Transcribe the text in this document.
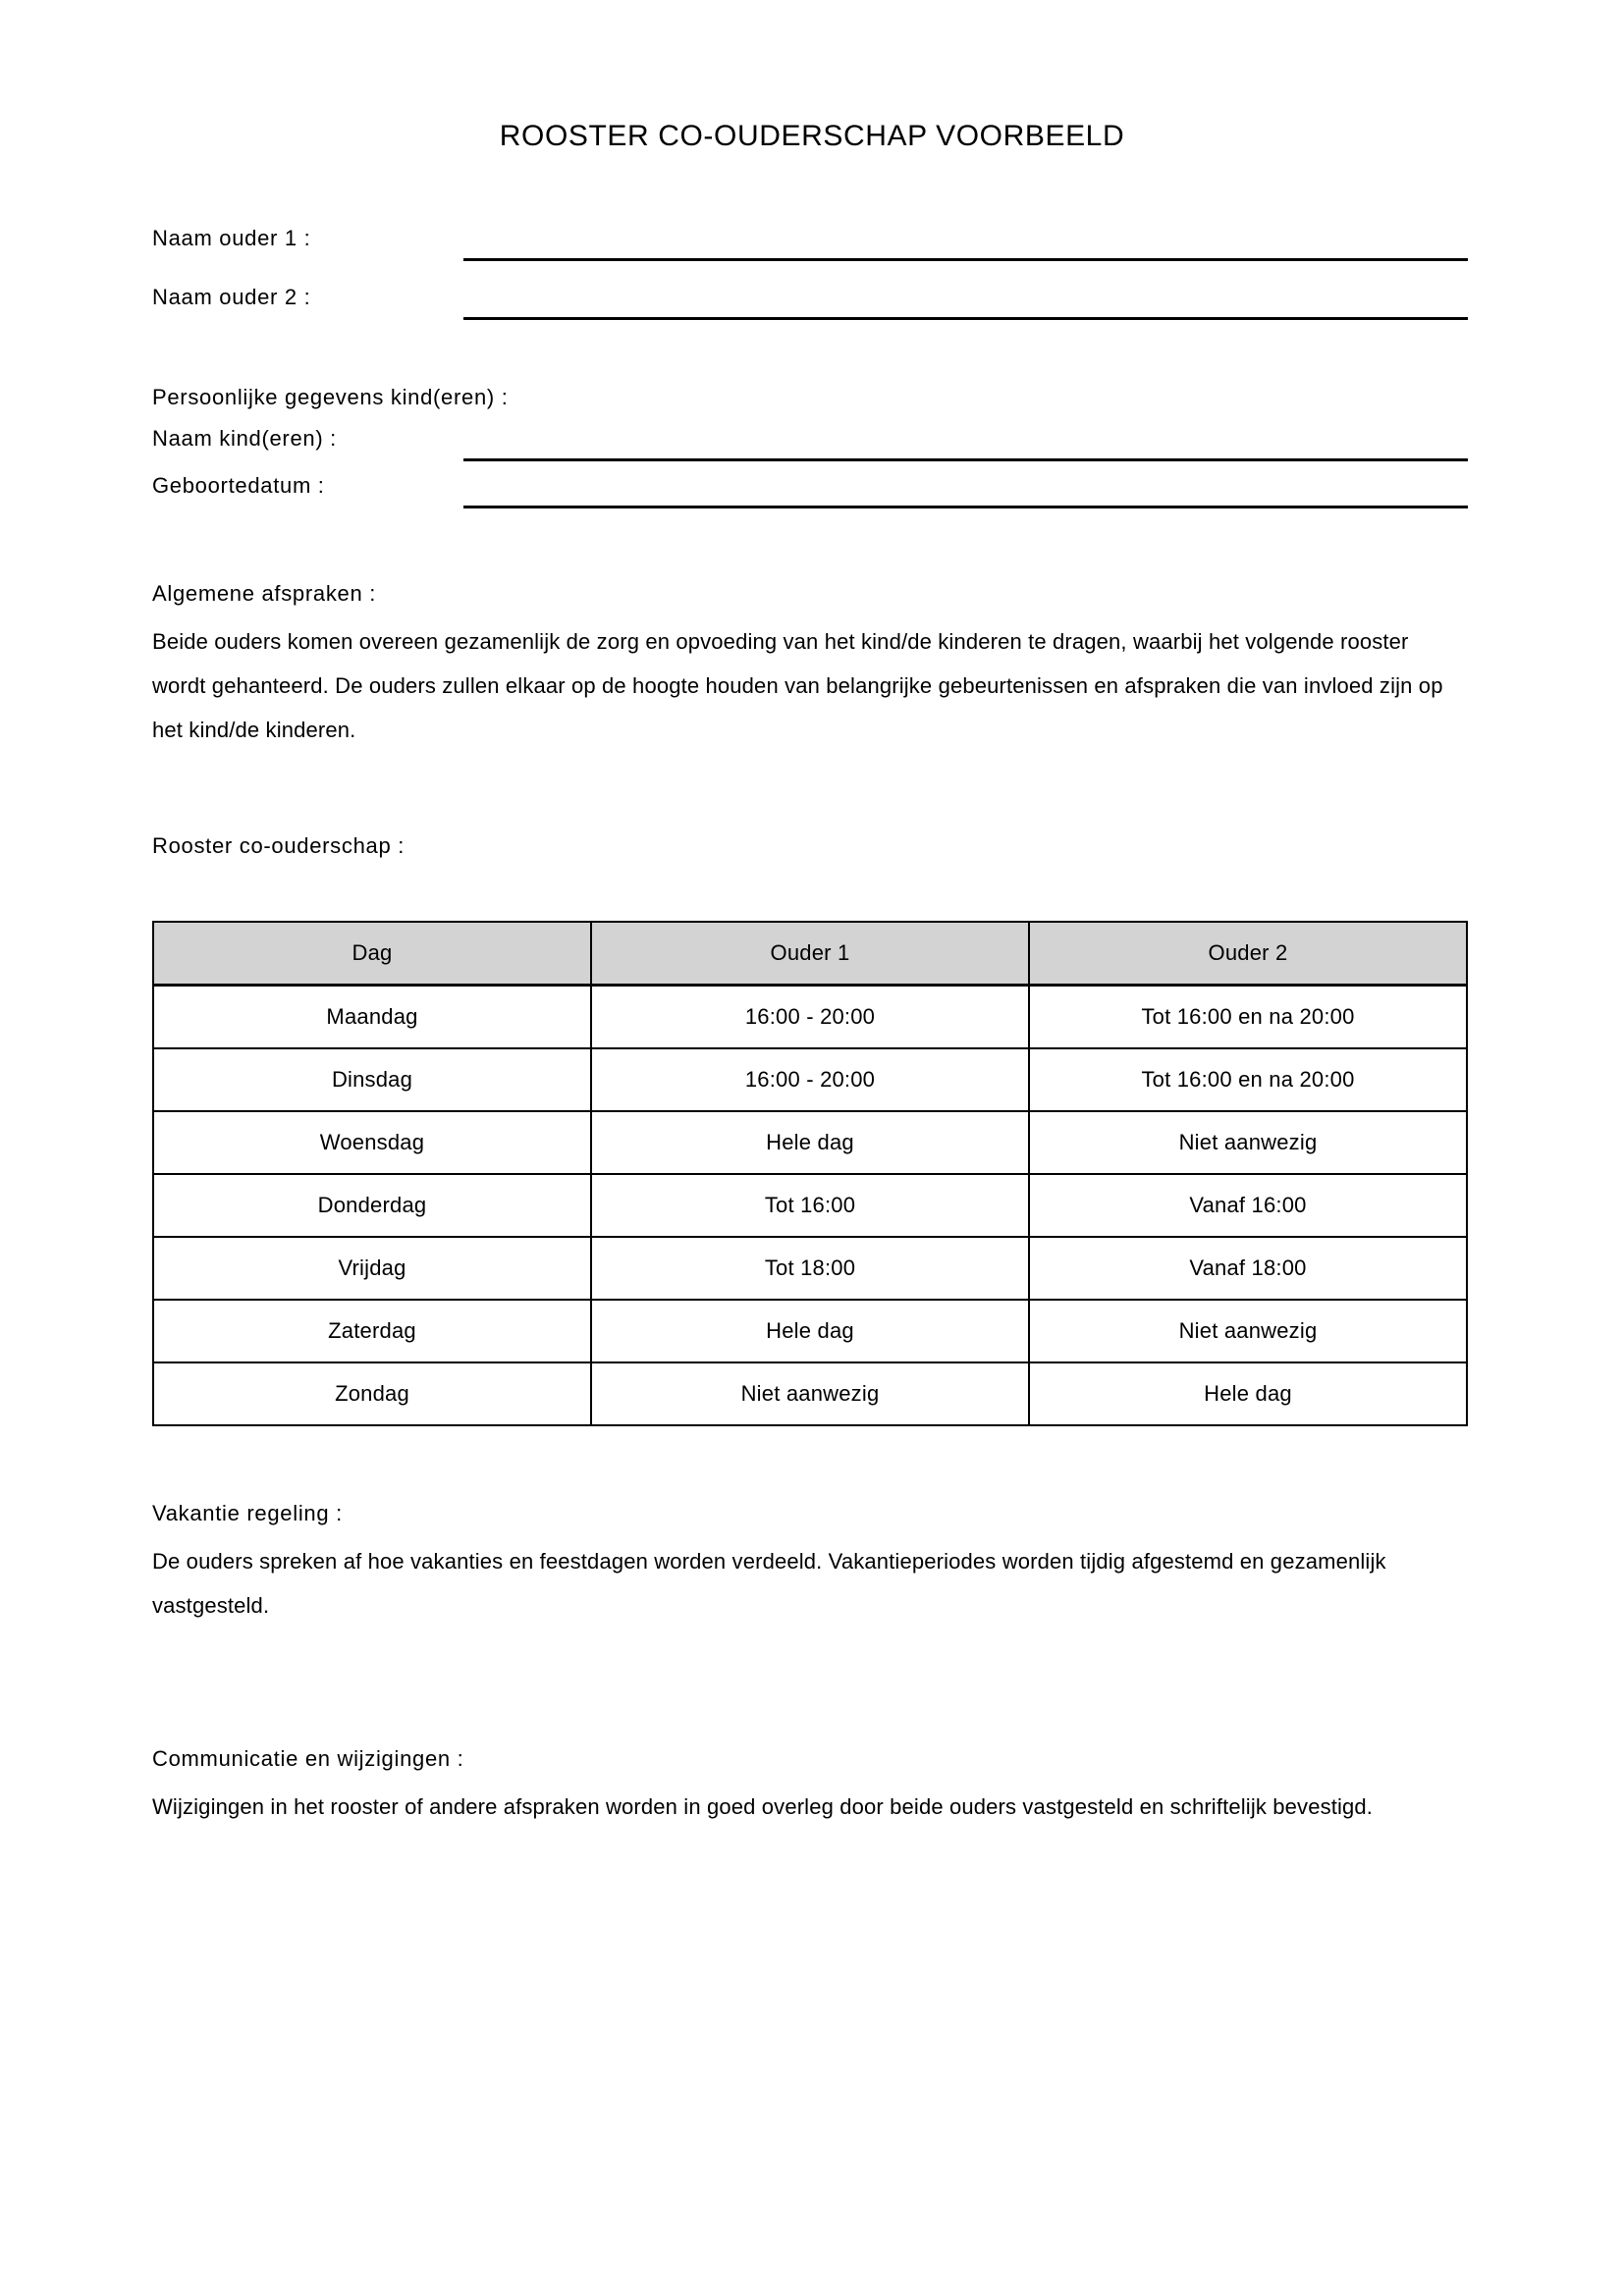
ROOSTER CO-OUDERSCHAP VOORBEELD
Naam ouder 1 :
Naam ouder 2 :
Persoonlijke gegevens kind(eren) :
Naam kind(eren) :
Geboortedatum :
Algemene afspraken :
Beide ouders komen overeen gezamenlijk de zorg en opvoeding van het kind/de kinderen te dragen, waarbij het volgende rooster wordt gehanteerd. De ouders zullen elkaar op de hoogte houden van belangrijke gebeurtenissen en afspraken die van invloed zijn op het kind/de kinderen.
Rooster co-ouderschap :
Dag	Ouder 1	Ouder 2
Maandag	16:00 - 20:00	Tot 16:00 en na 20:00
Dinsdag	16:00 - 20:00	Tot 16:00 en na 20:00
Woensdag	Hele dag	Niet aanwezig
Donderdag	Tot 16:00	Vanaf 16:00
Vrijdag	Tot 18:00	Vanaf 18:00
Zaterdag	Hele dag	Niet aanwezig
Zondag	Niet aanwezig	Hele dag
Vakantie regeling :
De ouders spreken af hoe vakanties en feestdagen worden verdeeld. Vakantieperiodes worden tijdig afgestemd en gezamenlijk vastgesteld.
Communicatie en wijzigingen :
Wijzigingen in het rooster of andere afspraken worden in goed overleg door beide ouders vastgesteld en schriftelijk bevestigd.
